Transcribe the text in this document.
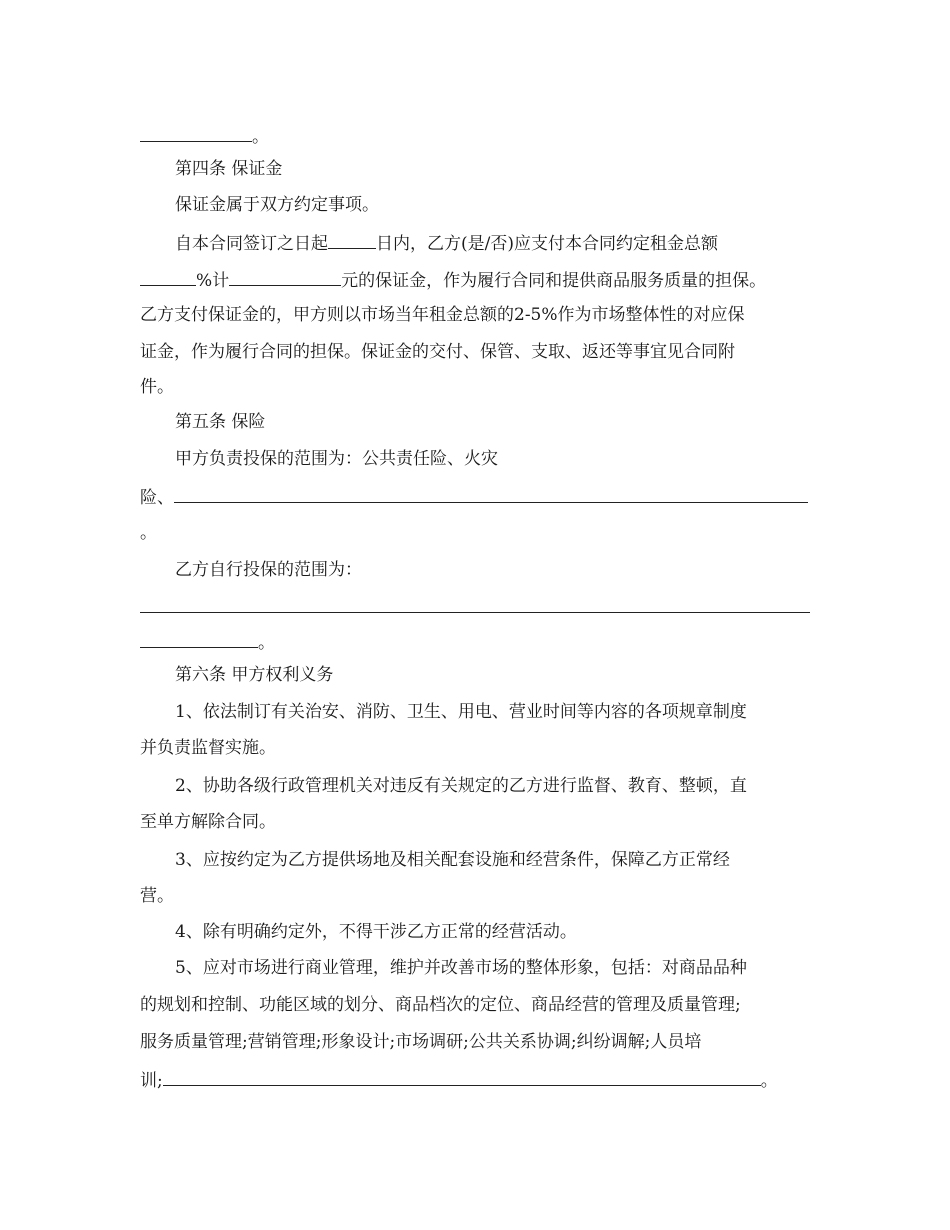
。
第四条 保证金
保证金属于双方约定事项。
自本合同签订之日起	日内，乙方(是/否)应支付本合同约定租金总额
%计	元的保证金，作为履行合同和提供商品服务质量的担保。
乙方支付保证金的，甲方则以市场当年租金总额的2-5%作为市场整体性的对应保
证金，作为履行合同的担保。保证金的交付、保管、支取、返还等事宜见合同附
件。
第五条 保险
甲方负责投保的范围为：公共责任险、火灾
险、
。
乙方自行投保的范围为：
。
第六条 甲方权利义务
1、依法制订有关治安、消防、卫生、用电、营业时间等内容的各项规章制度
并负责监督实施。
2、协助各级行政管理机关对违反有关规定的乙方进行监督、教育、整顿，直
至单方解除合同。
3、应按约定为乙方提供场地及相关配套设施和经营条件，保障乙方正常经
营。
4、除有明确约定外，不得干涉乙方正常的经营活动。
5、应对市场进行商业管理，维护并改善市场的整体形象，包括：对商品品种
的规划和控制、功能区域的划分、商品档次的定位、商品经营的管理及质量管理;
服务质量管理;营销管理;形象设计;市场调研;公共关系协调;纠纷调解;人员培
训;	。
